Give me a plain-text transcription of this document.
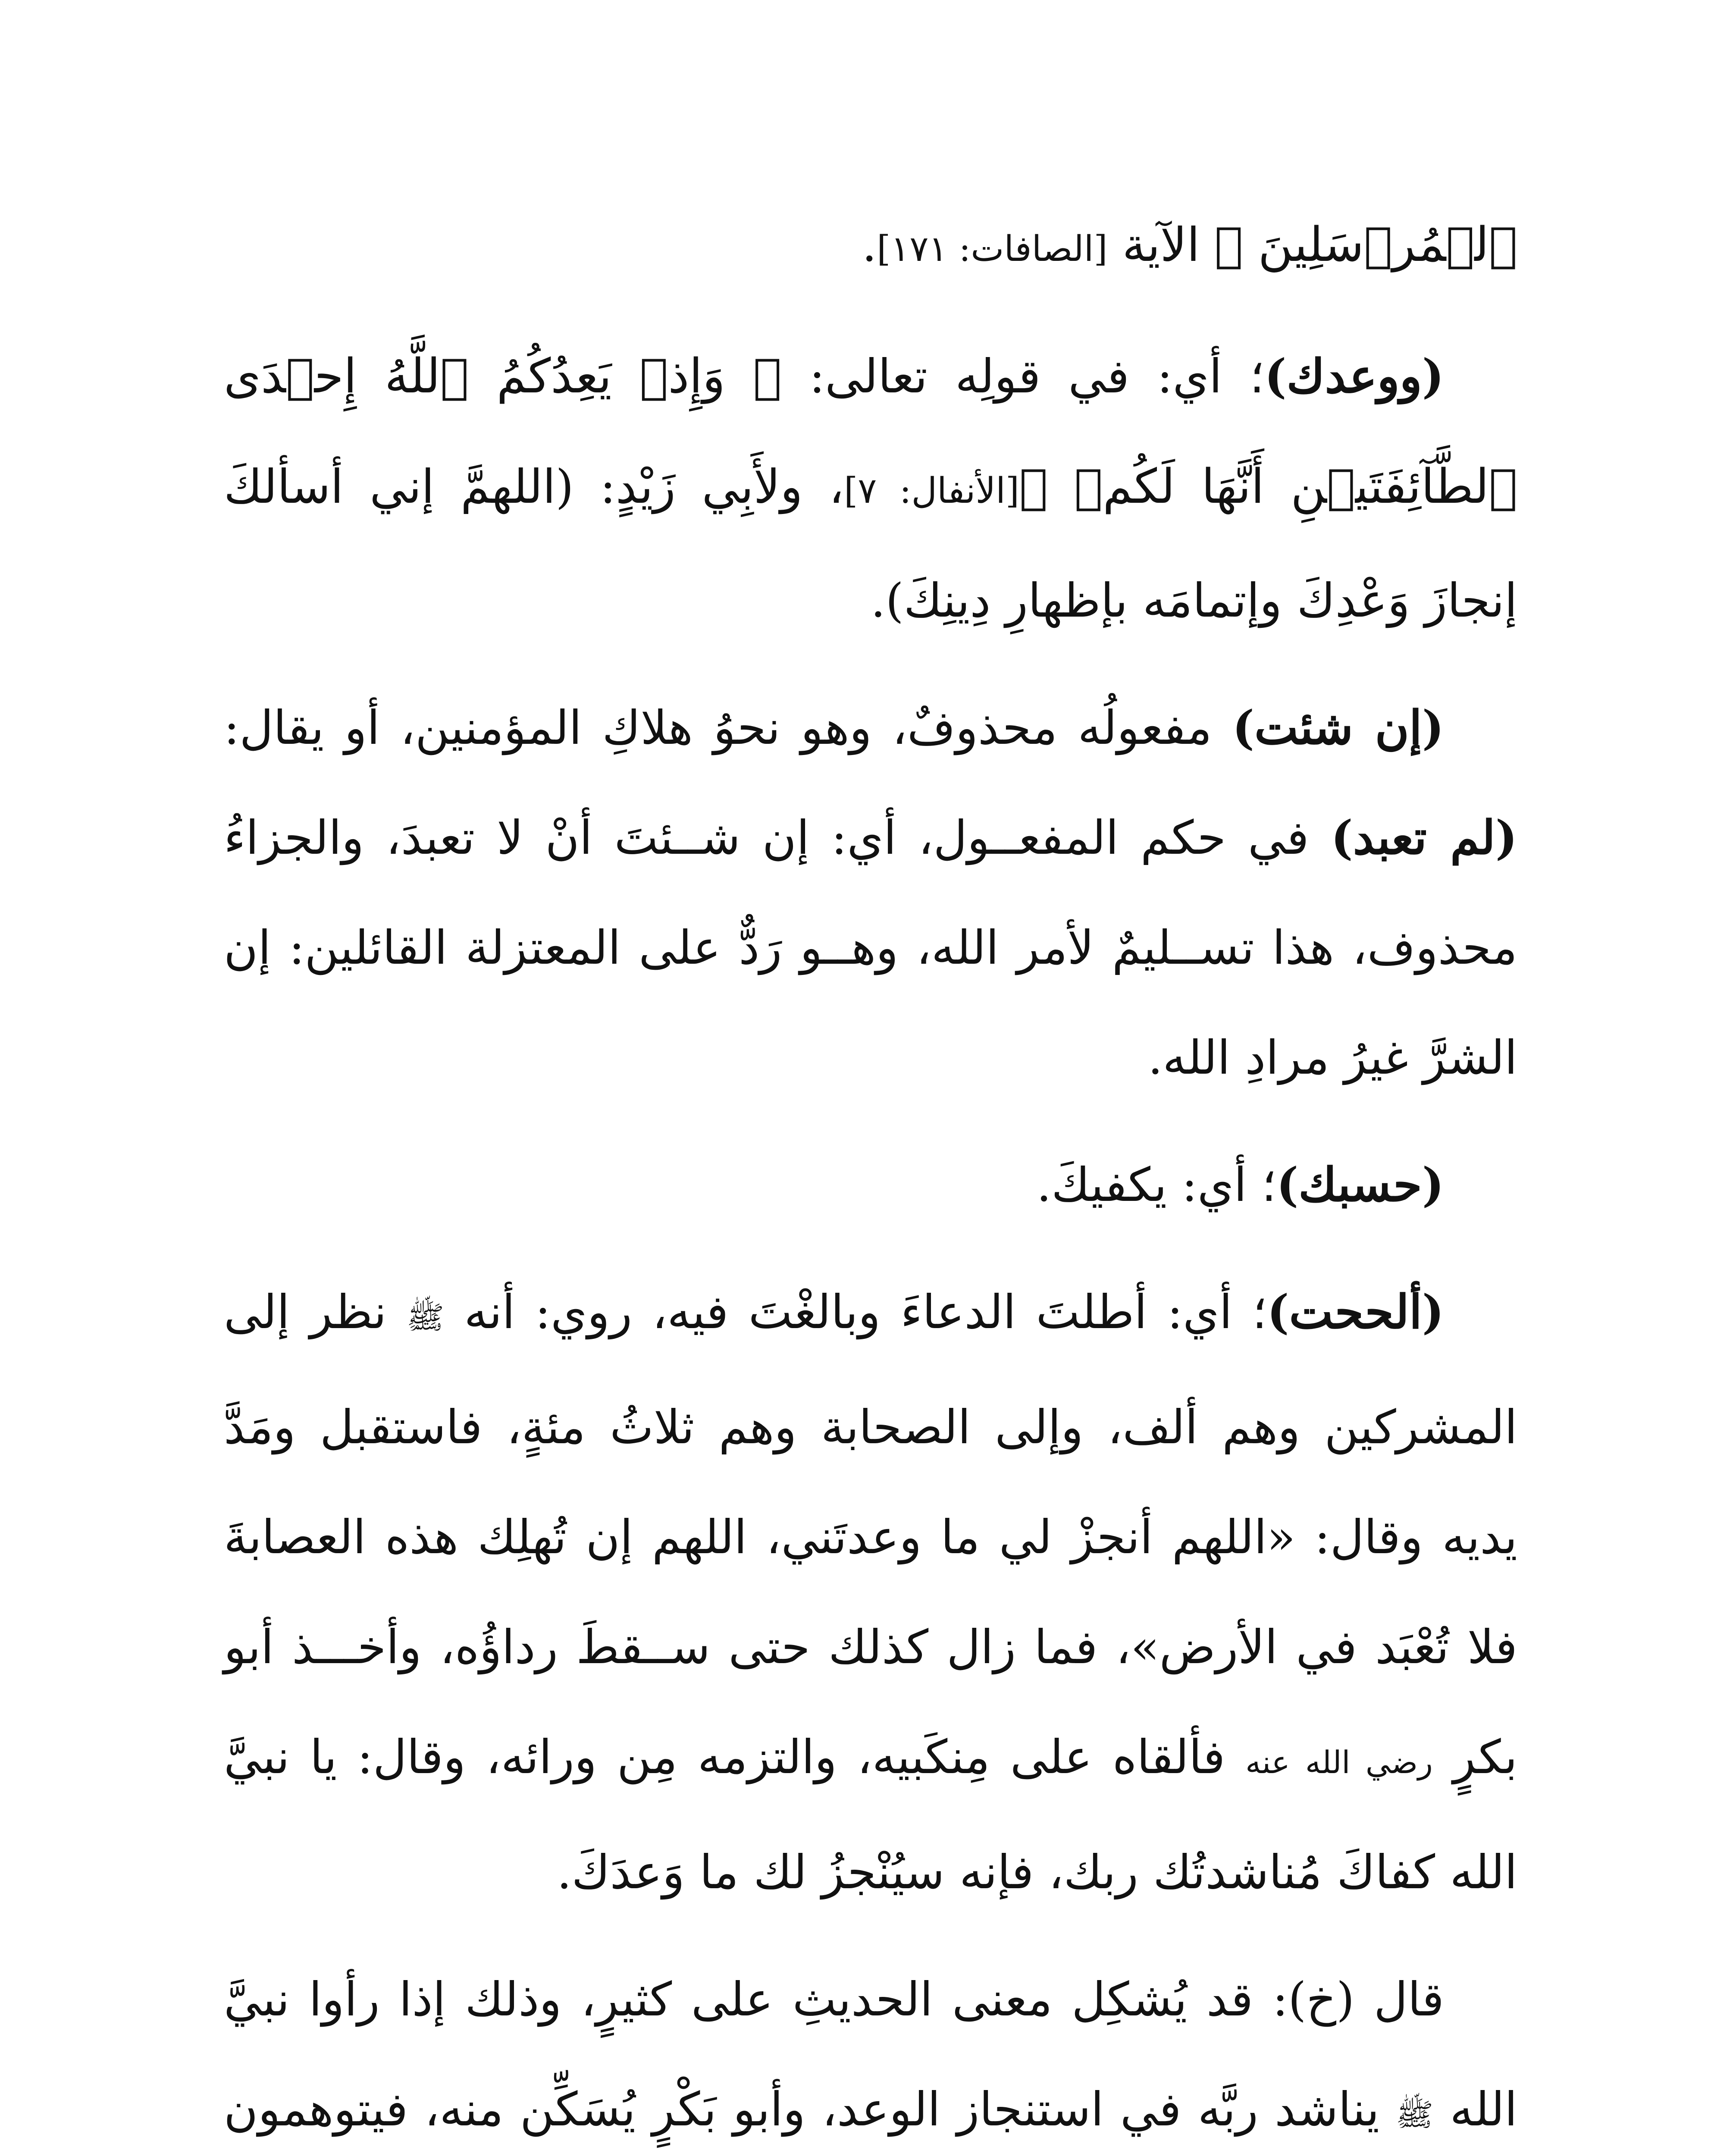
ٱلۡمُرۡسَلِينَ ﴾ الآية [الصافات: ١٧١].

(ووعدك)؛ أي: في قولِه تعالى: ﴿ وَإِذۡ يَعِدُكُمُ ٱللَّهُ إِحۡدَى ٱلطَّآئِفَتَيۡنِ أَنَّهَا لَكُمۡ ﴾[الأنفال: ٧]، ولأَبِي زَيْدٍ: (اللهمَّ إني أسألكَ إنجازَ وَعْدِكَ وإتمامَه بإظهارِ دِينِكَ).

(إن شئت) مفعولُه محذوفٌ، وهو نحوُ هلاكِ المؤمنين، أو يقال: (لم تعبد) في حكم المفعــول، أي: إن شــئتَ أنْ لا تعبدَ، والجزاءُ محذوف، هذا تســليمٌ لأمر الله، وهــو رَدٌّ على المعتزلة القائلين: إن الشرَّ غيرُ مرادِ الله.

(حسبك)؛ أي: يكفيكَ.

(ألححت)؛ أي: أطلتَ الدعاءَ وبالغْتَ فيه، روي: أنه ﷺ نظر إلى المشركين وهم ألف، وإلى الصحابة وهم ثلاثُ مئةٍ، فاستقبل ومَدَّ يديه وقال: «اللهم أنجزْ لي ما وعدتَني، اللهم إن تُهلِك هذه العصابةَ فلا تُعْبَد في الأرض»، فما زال كذلك حتى ســقطَ رداؤُه، وأخـــذ أبو بكرٍ رضي الله عنه فألقاه على مِنكَبيه، والتزمه مِن ورائه، وقال: يا نبيَّ الله كفاكَ مُناشدتُك ربك، فإنه سيُنْجزُ لك ما وَعدَكَ.

قال (خ): قد يُشكِل معنى الحديثِ على كثيرٍ، وذلك إذا رأوا نبيَّ الله ﷺ يناشد ربَّه في استنجاز الوعد، وأبو بَكْرٍ يُسَكِّن منه، فيتوهمون
